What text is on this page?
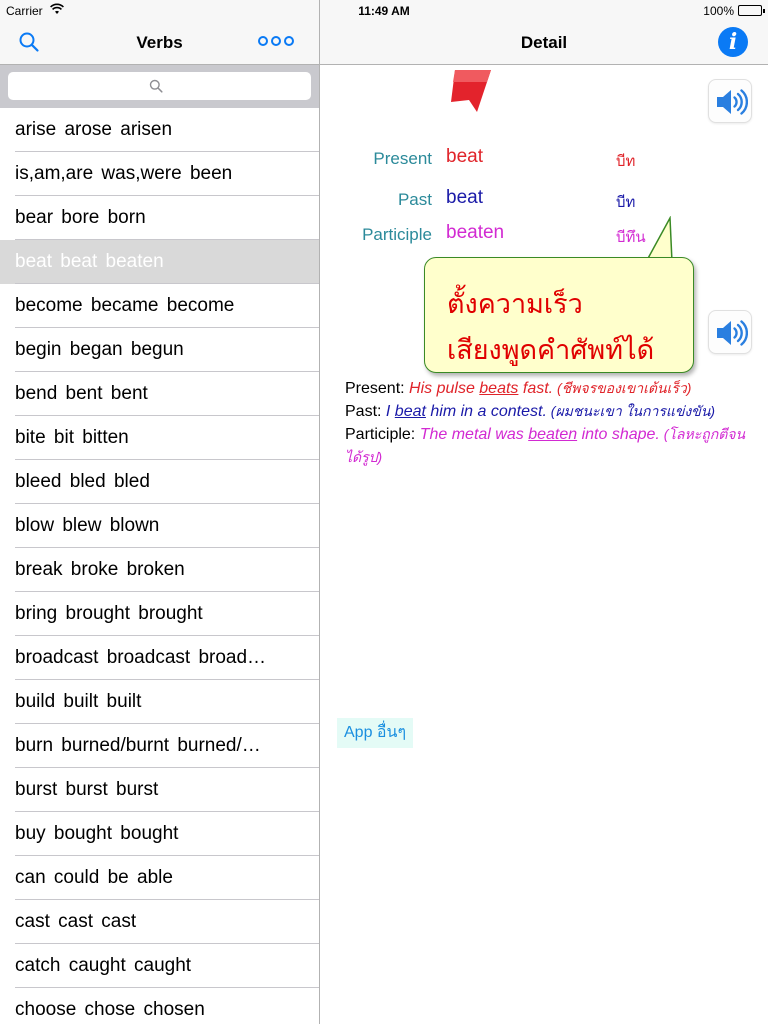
Carrier	11:49 AM	100%
Verbs
arise arose arisen
is,am,are was,were been
bear bore born
beat beat beaten
become became become
begin began begun
bend bent bent
bite bit bitten
bleed bled bled
blow blew blown
break broke broken
bring brought brought
broadcast broadcast broad…
build built built
burn burned/burnt burned/…
burst burst burst
buy bought bought
can could be able
cast cast cast
catch caught caught
choose chose chosen
Detail	i
Present beat	บีท
Past beat	บีท
Participle beaten	บีทึน
ตั้งความเร็ว
เสียงพูดคำศัพท์ได้
Present: His pulse beats fast. (ชีพจรของเขาเต้นเร็ว)
Past: I beat him in a contest. (ผมชนะเขา ในการแข่งขัน)
Participle: The metal was beaten into shape. (โลหะถูกตีจนได้รูป)
App อื่นๆ
